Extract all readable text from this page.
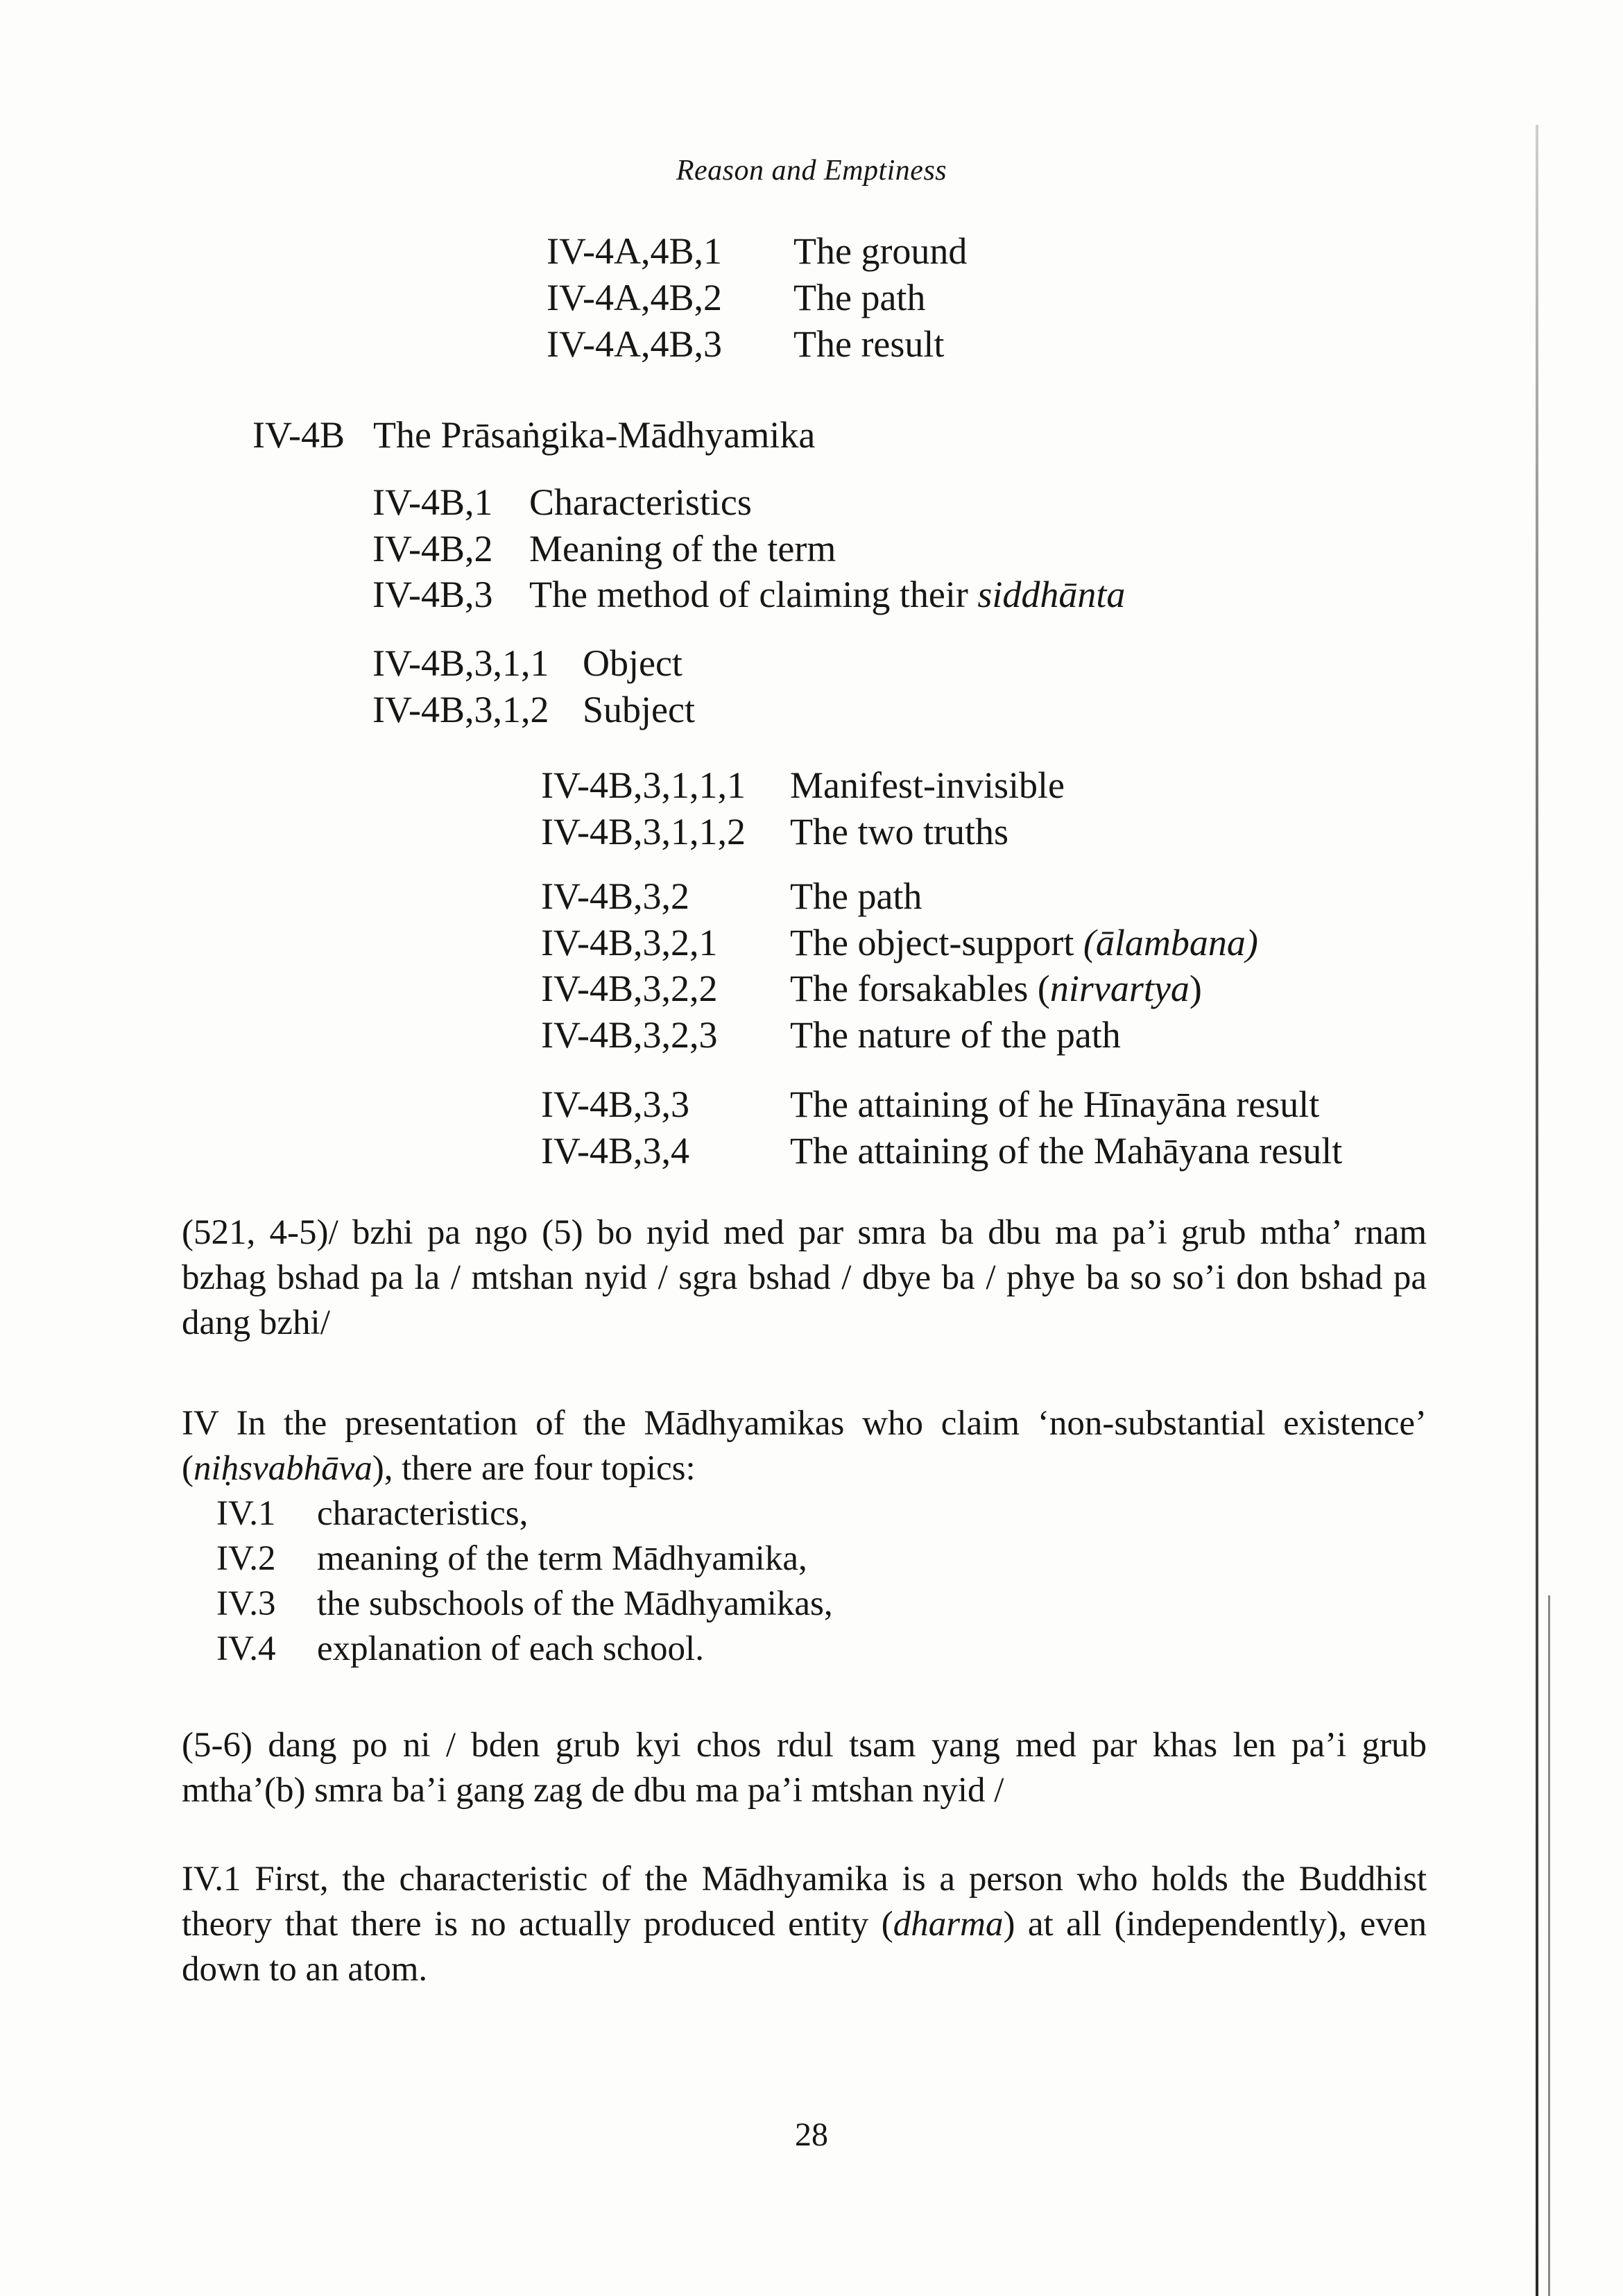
Reason and Emptiness
IV-4A,4B,1 The ground
IV-4A,4B,2 The path
IV-4A,4B,3 The result
IV-4B The Prāsaṅgika-Mādhyamika
IV-4B,1 Characteristics
IV-4B,2 Meaning of the term
IV-4B,3 The method of claiming their siddhānta
IV-4B,3,1,1 Object
IV-4B,3,1,2 Subject
IV-4B,3,1,1,1 Manifest-invisible
IV-4B,3,1,1,2 The two truths
IV-4B,3,2	The path
IV-4B,3,2,1 The object-support (ālambana)
IV-4B,3,2,2 The forsakables (nirvartya)
IV-4B,3,2,3 The nature of the path
IV-4B,3,3	The attaining of he Hīnayāna result
IV-4B,3,4	The attaining of the Mahāyana result
(521, 4-5)/ bzhi pa ngo (5) bo nyid med par smra ba dbu ma pa’i grub mtha’ rnam bzhag bshad pa la / mtshan nyid / sgra bshad / dbye ba / phye ba so so’i don bshad pa dang bzhi/
IV In the presentation of the Mādhyamikas who claim ‘non-substantial existence’ (niḥsvabhāva), there are four topics:
IV.1 characteristics,
IV.2 meaning of the term Mādhyamika,
IV.3 the subschools of the Mādhyamikas,
IV.4 explanation of each school.
(5-6) dang po ni / bden grub kyi chos rdul tsam yang med par khas len pa’i grub mtha’(b) smra ba’i gang zag de dbu ma pa’i mtshan nyid /
IV.1 First, the characteristic of the Mādhyamika is a person who holds the Buddhist theory that there is no actually produced entity (dharma) at all (independently), even down to an atom.
28
